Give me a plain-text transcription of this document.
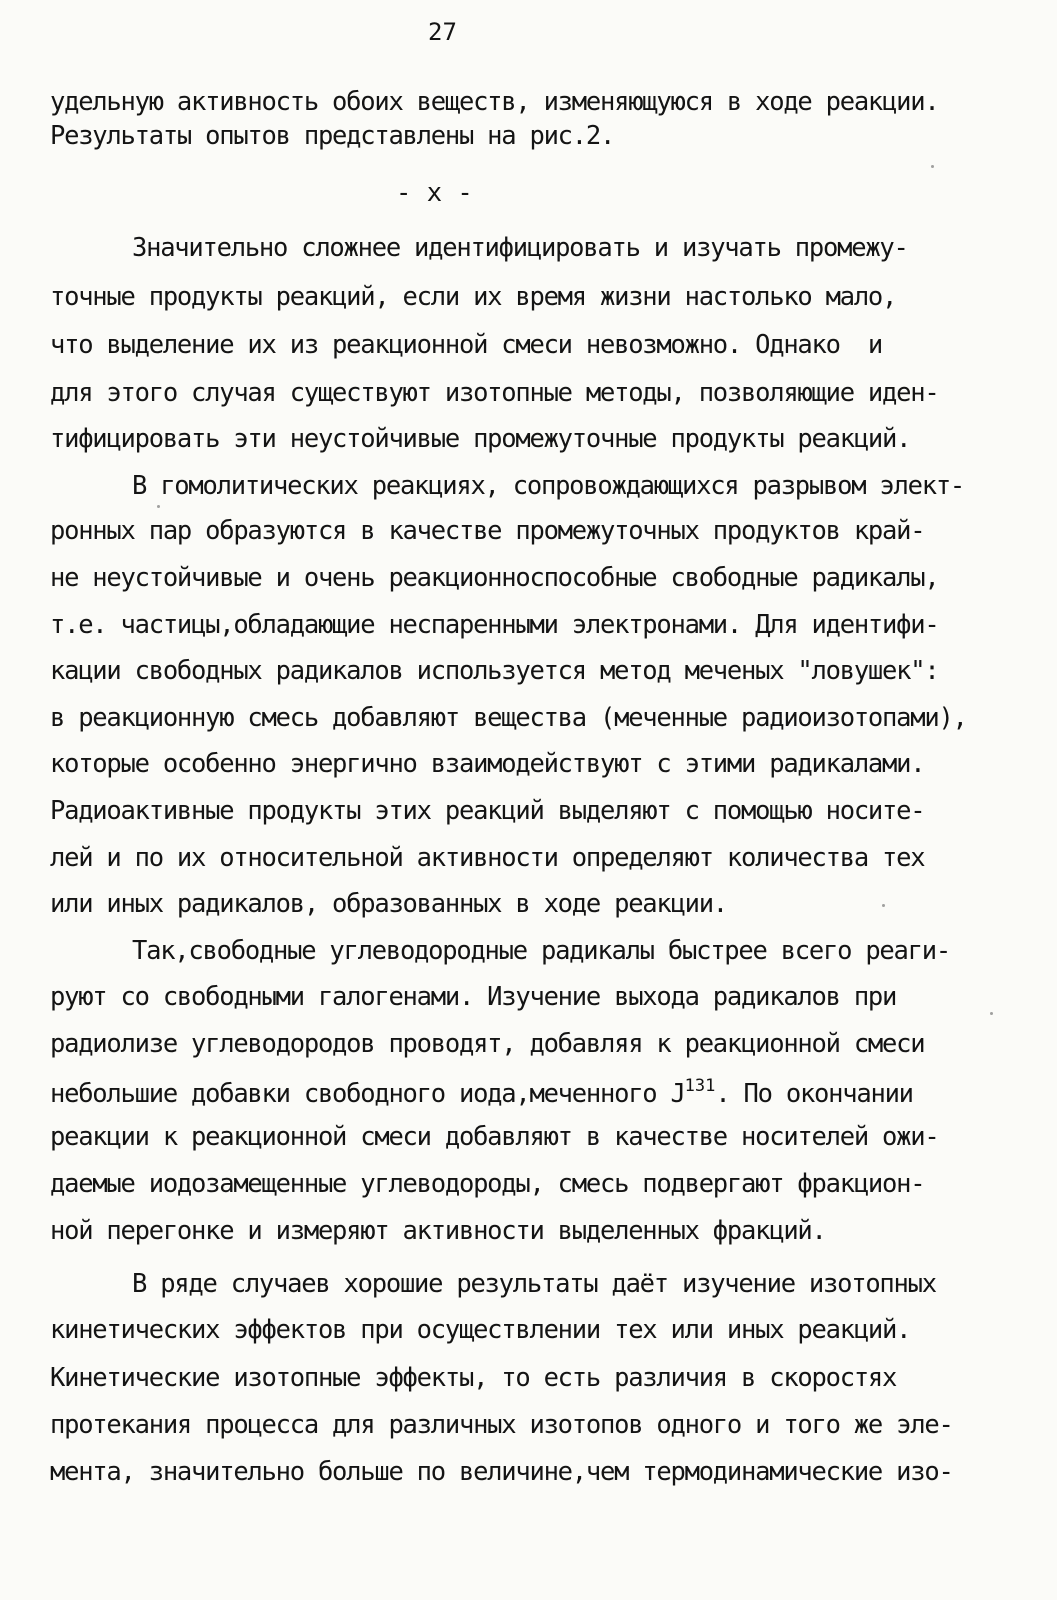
27
удельную активность обоих веществ, изменяющуюся в ходе реакции.
Результаты опытов представлены на рис.2.
- x -
Значительно сложнее идентифицировать и изучать промежу-
точные продукты реакций, если их время жизни настолько мало,
что выделение их из реакционной смеси невозможно. Однако  и
для этого случая существуют изотопные методы, позволяющие иден-
тифицировать эти неустойчивые промежуточные продукты реакций.
В гомолитических реакциях, сопровождающихся разрывом элект-
ронных пар образуются в качестве промежуточных продуктов край-
не неустойчивые и очень реакционноспособные свободные радикалы,
т.е. частицы,обладающие неспаренными электронами. Для идентифи-
кации свободных радикалов используется метод меченых "ловушек":
в реакционную смесь добавляют вещества (меченные радиоизотопами),
которые особенно энергично взаимодействуют с этими радикалами.
Радиоактивные продукты этих реакций выделяют с помощью носите-
лей и по их относительной активности определяют количества тех
или иных радикалов, образованных в ходе реакции.
Так,свободные углеводородные радикалы быстрее всего реаги-
руют со свободными галогенами. Изучение выхода радикалов при
радиолизе углеводородов проводят, добавляя к реакционной смеси
небольшие добавки свободного иода,меченного $J^{131}$. По окончании
реакции к реакционной смеси добавляют в качестве носителей ожи-
даемые иодозамещенные углеводороды, смесь подвергают фракцион-
ной перегонке и измеряют активности выделенных фракций.
В ряде случаев хорошие результаты даёт изучение изотопных
кинетических эффектов при осуществлении тех или иных реакций.
Кинетические изотопные эффекты, то есть различия в скоростях
протекания процесса для различных изотопов одного и того же эле-
мента, значительно больше по величине,чем термодинамические изо-
